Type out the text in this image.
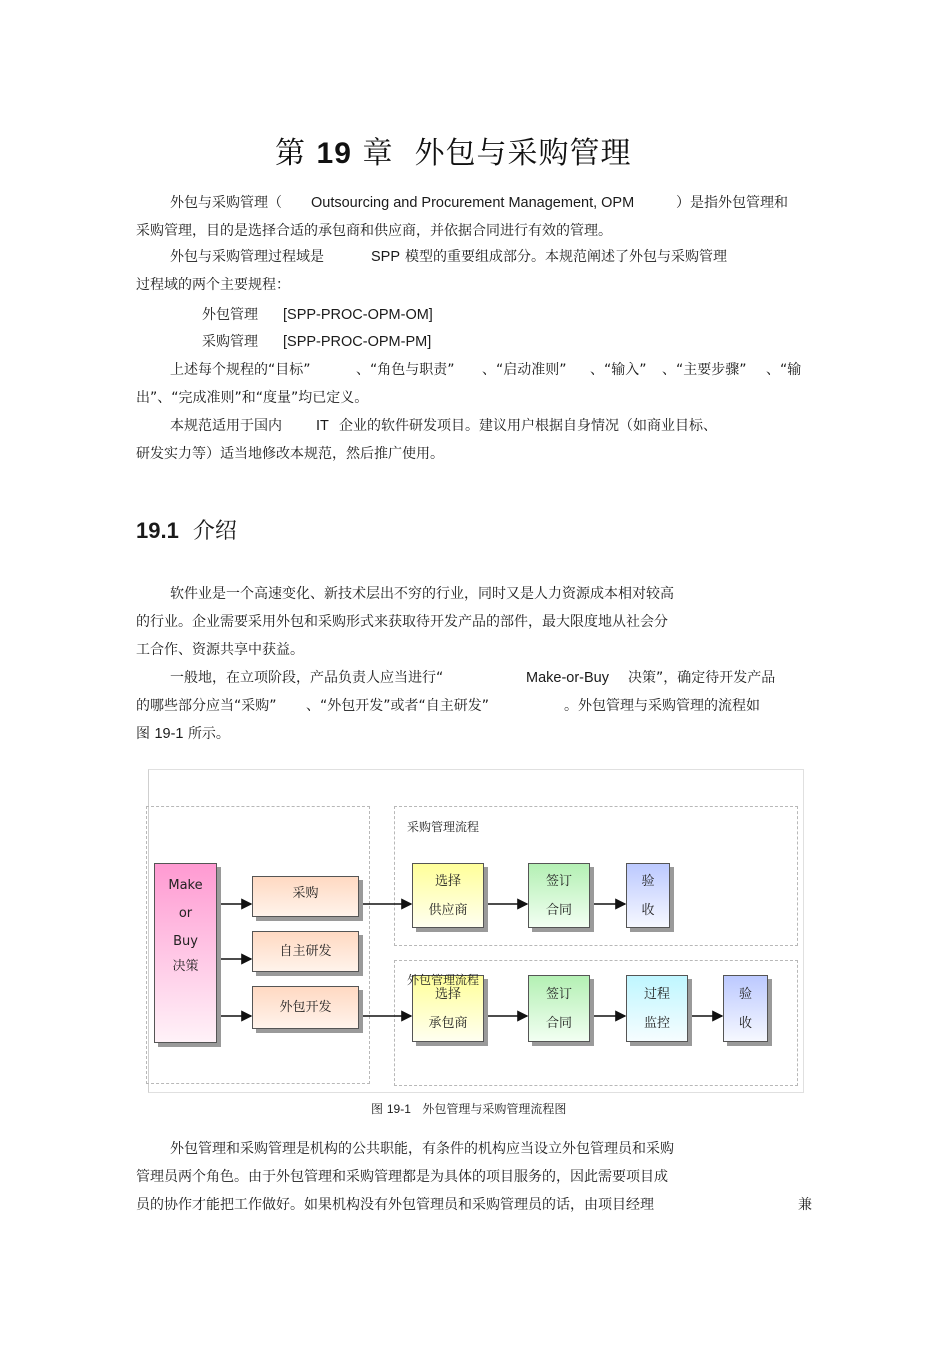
第 19 章 外包与采购管理
外包与采购管理（ Outsourcing and Procurement Management, OPM	）是指外包管理和
采购管理，目的是选择合适的承包商和供应商，并依据合同进行有效的管理。
外包与采购管理过程域是	SPP 模型的重要组成部分。本规范阐述了外包与采购管理
过程域的两个主要规程：
外包管理 [SPP-PROC-OPM-OM]
采购管理 [SPP-PROC-OPM-PM]
上述每个规程的“目标”	、“角色与职责” 、“启动准则” 、“输入” 、“主要步骤” 、“输
出”、“完成准则”和“度量”均已定义。
本规范适用于国内 IT 企业的软件研发项目。建议用户根据自身情况（如商业目标、
研发实力等）适当地修改本规范，然后推广使用。
19.1 介绍
软件业是一个高速变化、新技术层出不穷的行业，同时又是人力资源成本相对较高
的行业。企业需要采用外包和采购形式来获取待开发产品的部件，最大限度地从社会分
工合作、资源共享中获益。
一般地，在立项阶段，产品负责人应当进行“	Make-or-Buy 决策”，确定待开发产品
的哪些部分应当“采购” 、“外包开发”或者“自主研发”	。外包管理与采购管理的流程如
图 19-1 所示。
采购管理流程
Make
or
Buy
决策
采购
自主研发
外包开发
选择
供应商
签订
合同
验
收
选择
承包商
外包管理流程
签订
合同
过程
监控
验
收
图 19-1 外包管理与采购管理流程图
外包管理和采购管理是机构的公共职能，有条件的机构应当设立外包管理员和采购
管理员两个角色。由于外包管理和采购管理都是为具体的项目服务的，因此需要项目成
员的协作才能把工作做好。如果机构没有外包管理员和采购管理员的话，由项目经理	兼
